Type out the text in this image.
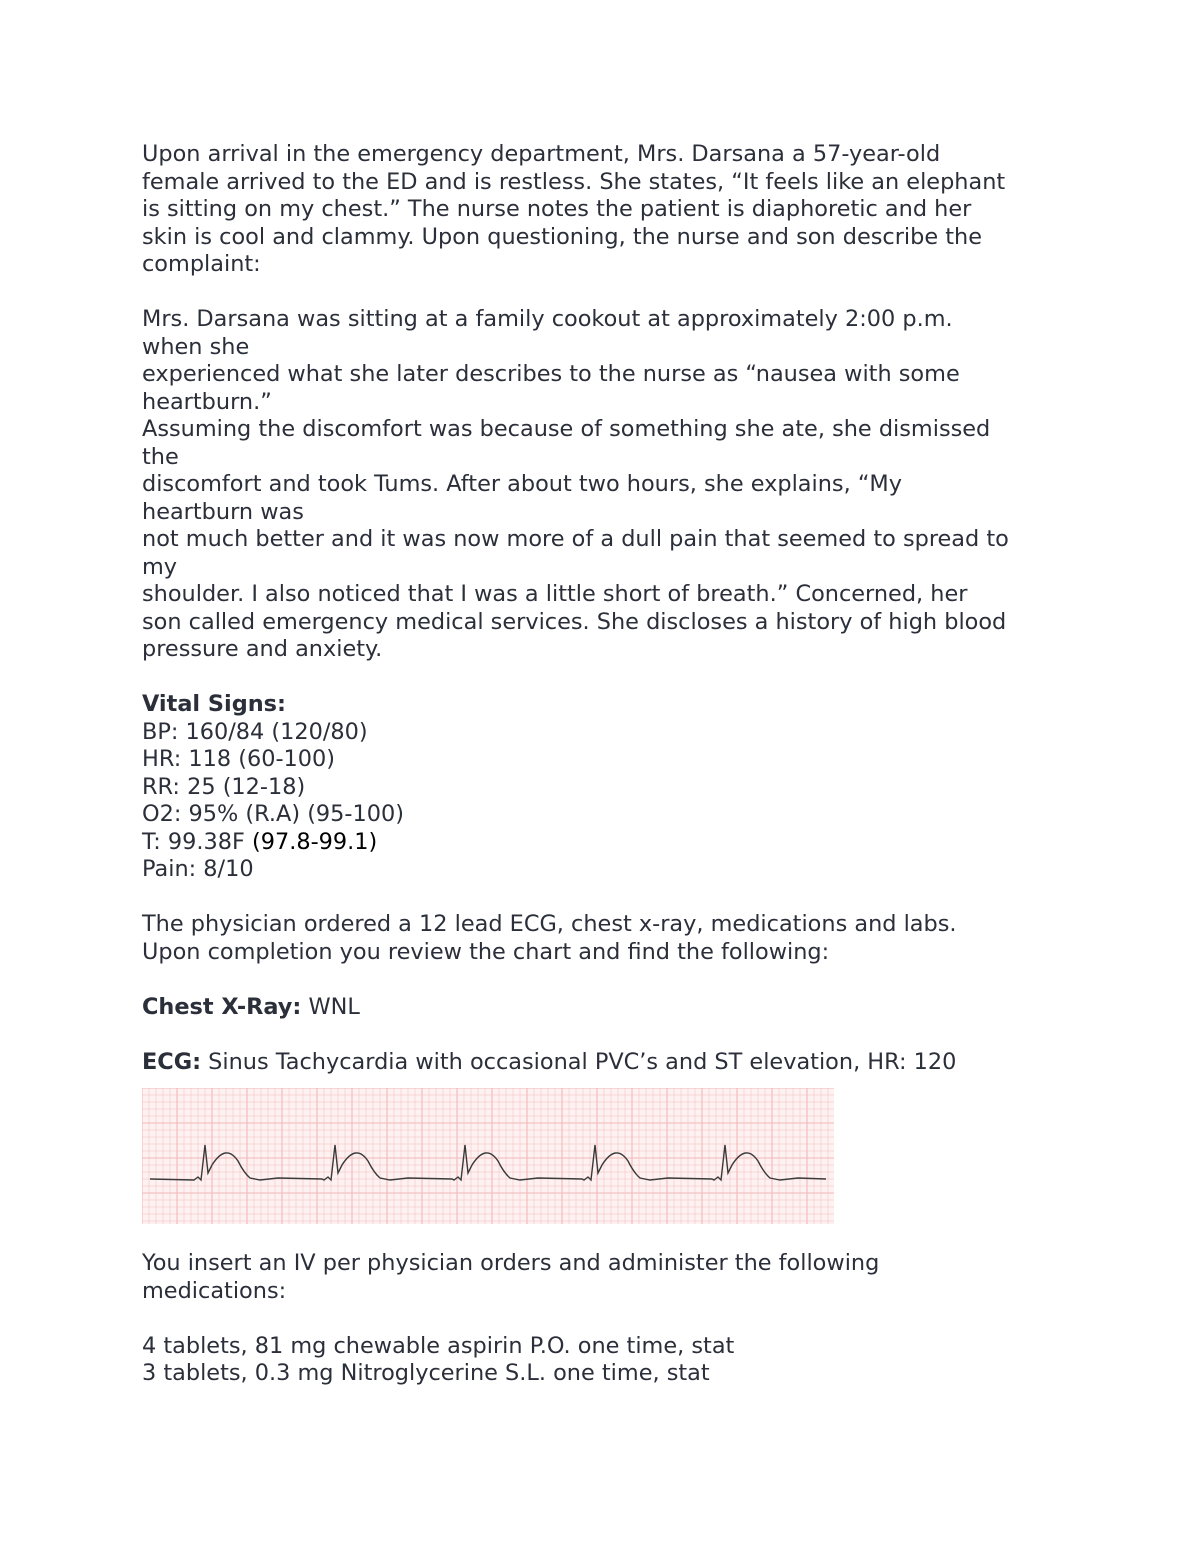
Upon arrival in the emergency department, Mrs. Darsana a 57-year-old
female arrived to the ED and is restless. She states, “It feels like an elephant
is sitting on my chest.” The nurse notes the patient is diaphoretic and her
skin is cool and clammy. Upon questioning, the nurse and son describe the
complaint:
Mrs. Darsana was sitting at a family cookout at approximately 2:00 p.m.
when she
experienced what she later describes to the nurse as “nausea with some
heartburn.”
Assuming the discomfort was because of something she ate, she dismissed
the
discomfort and took Tums. After about two hours, she explains, “My
heartburn was
not much better and it was now more of a dull pain that seemed to spread to
my
shoulder. I also noticed that I was a little short of breath.” Concerned, her
son called emergency medical services. She discloses a history of high blood
pressure and anxiety.
Vital Signs:
BP: 160/84 (120/80)
HR: 118 (60-100)
RR: 25 (12-18)
O2: 95% (R.A) (95-100)
T: 99.38F (97.8-99.1)
Pain: 8/10
The physician ordered a 12 lead ECG, chest x-ray, medications and labs.
Upon completion you review the chart and find the following:
Chest X-Ray: WNL
ECG: Sinus Tachycardia with occasional PVC’s and ST elevation, HR: 120
You insert an IV per physician orders and administer the following
medications:
4 tablets, 81 mg chewable aspirin P.O. one time, stat
3 tablets, 0.3 mg Nitroglycerine S.L. one time, stat
